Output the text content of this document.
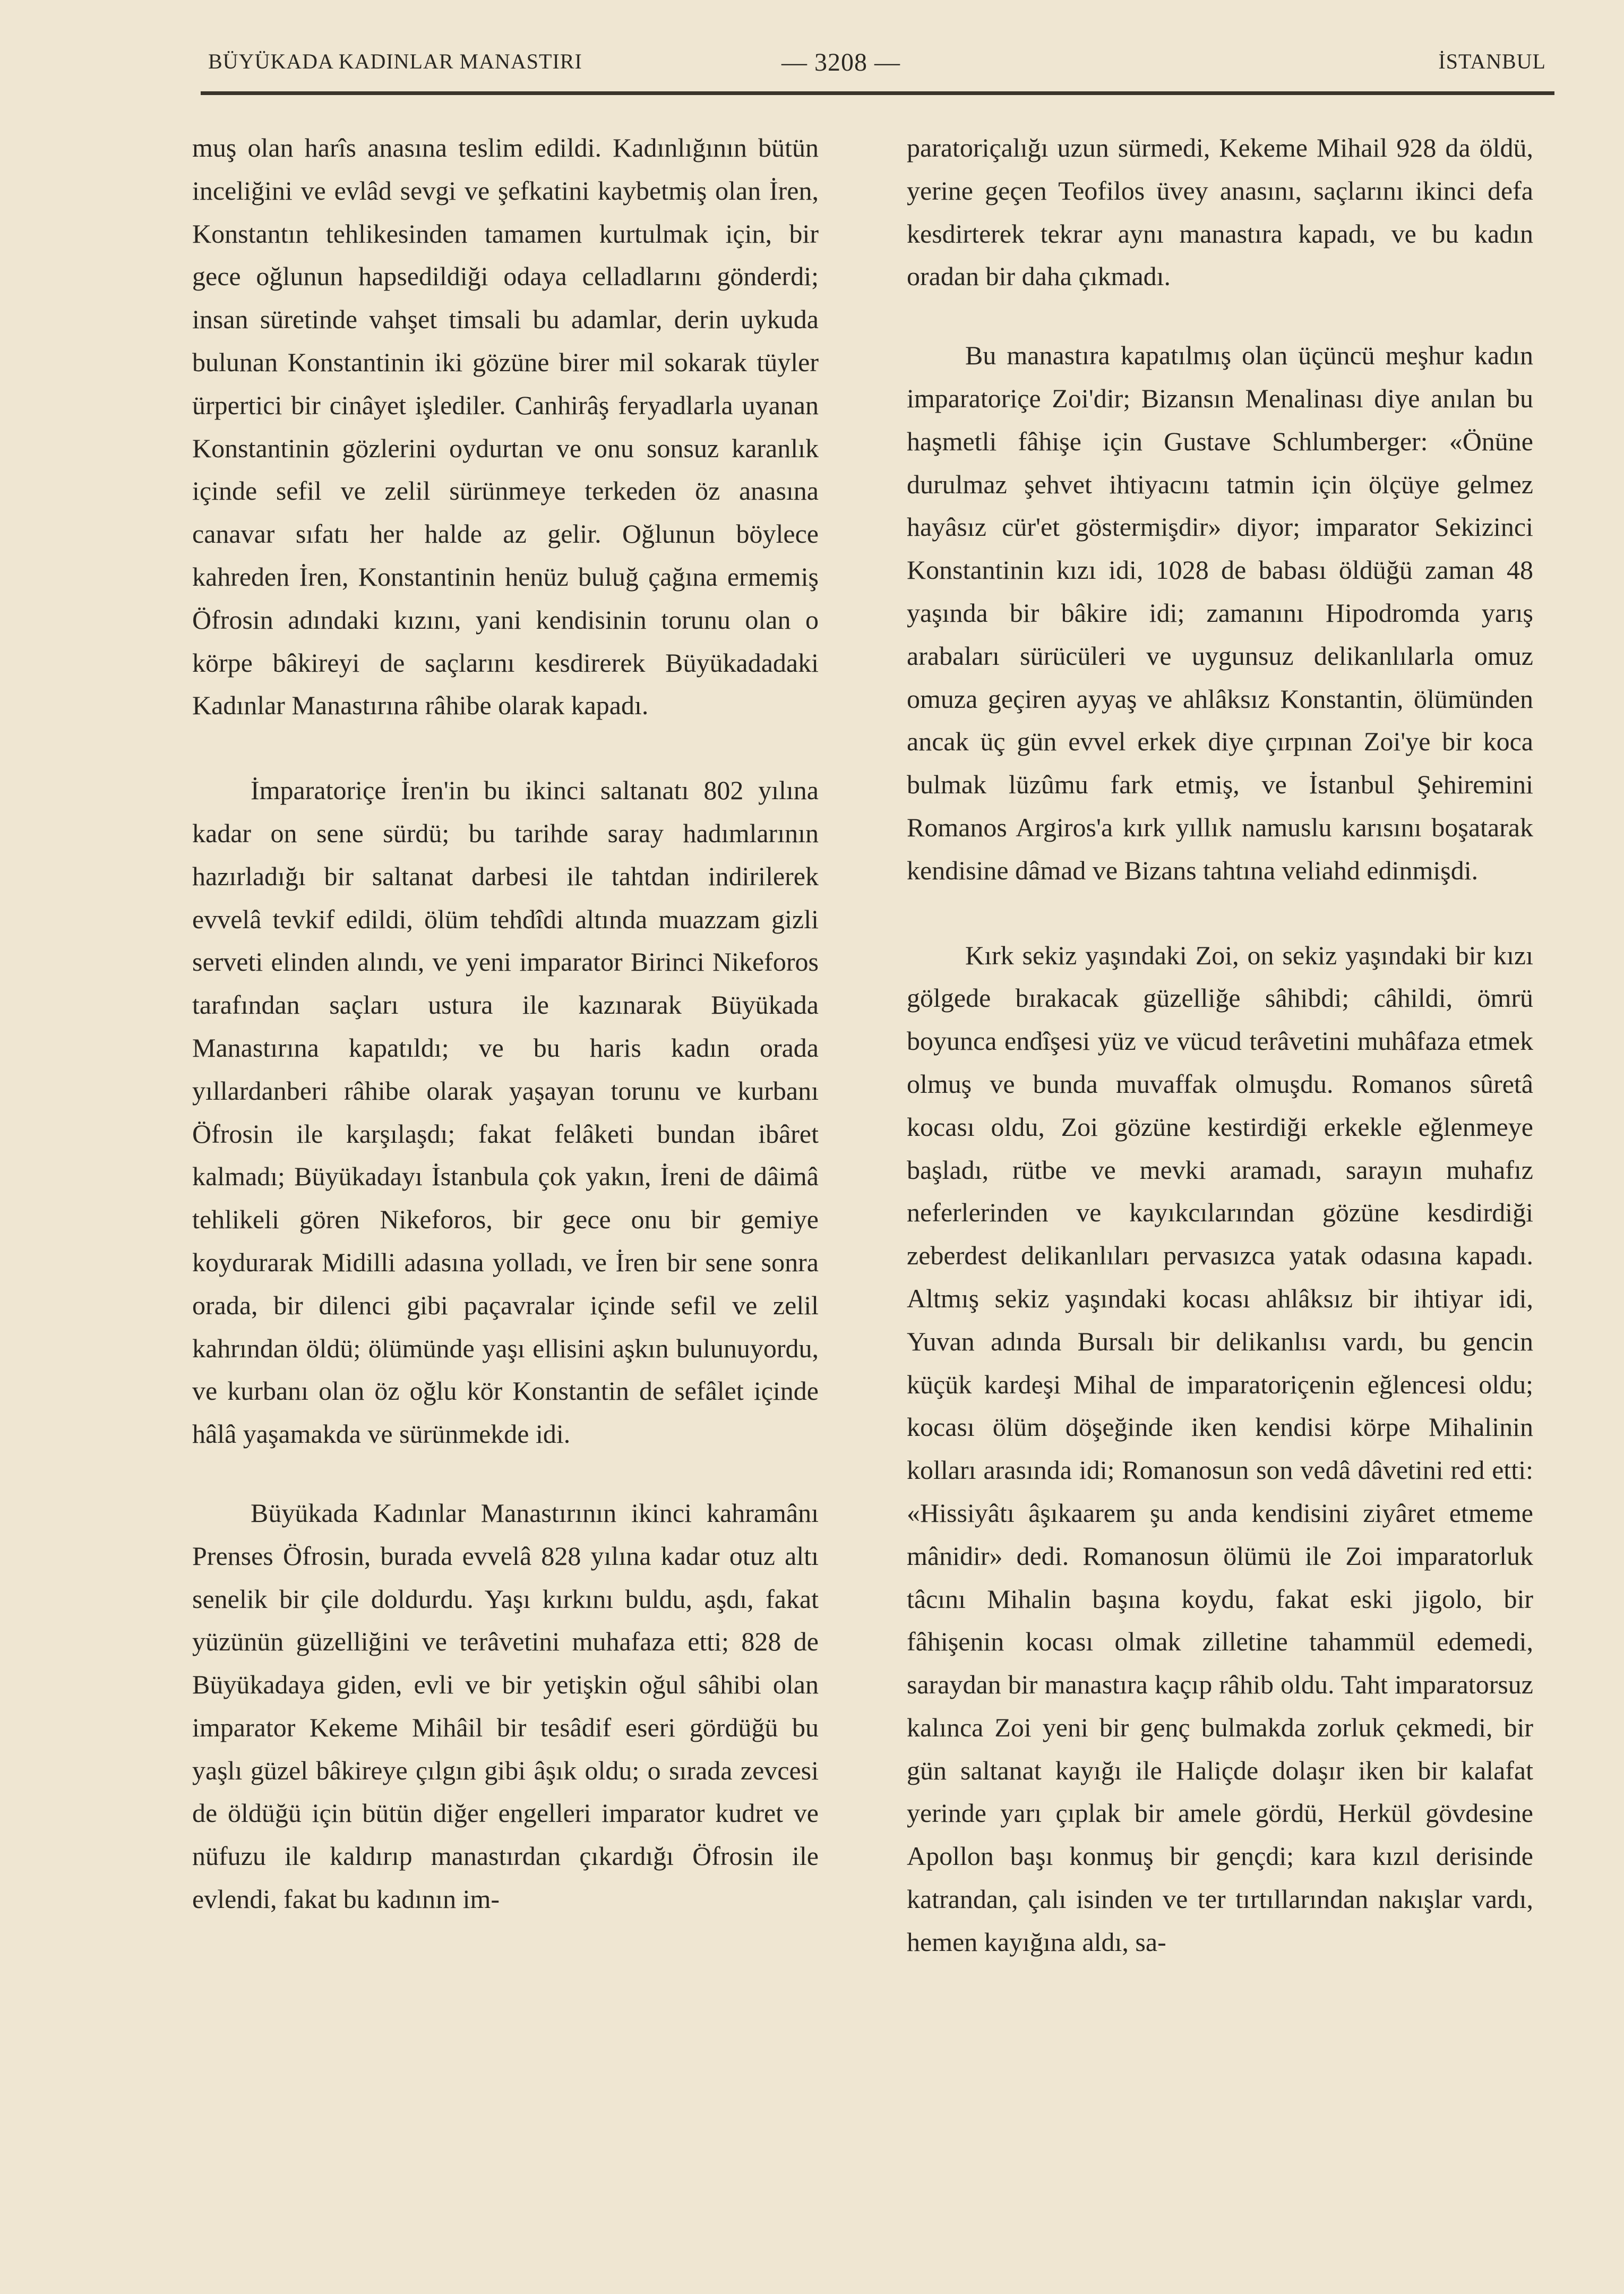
BÜYÜKADA KADINLAR MANASTIRI	— 3208 —	İSTANBUL

muş olan harîs anasına teslim edildi. Kadınlığının bütün inceliğini ve evlâd sevgi ve şefkatini kaybetmiş olan İren, Konstantın tehlikesinden tamamen kurtulmak için, bir gece oğlunun hapsedildiği odaya celladlarını gönderdi; insan süretinde vahşet timsali bu adamlar, derin uykuda bulunan Konstantinin iki gözüne birer mil sokarak tüyler ürpertici bir cinâyet işlediler. Canhirâş feryadlarla uyanan Konstantinin gözlerini oydurtan ve onu sonsuz karanlık içinde sefil ve zelil sürünmeye terkeden öz anasına canavar sıfatı her halde az gelir. Oğlunun böylece kahreden İren, Konstantinin henüz buluğ çağına ermemiş Öfrosin adındaki kızını, yani kendisinin torunu olan o körpe bâkireyi de saçlarını kesdirerek Büyükadadaki Kadınlar Manastırına râhibe olarak kapadı.

İmparatoriçe İren'in bu ikinci saltanatı 802 yılına kadar on sene sürdü; bu tarihde saray hadımlarının hazırladığı bir saltanat darbesi ile tahtdan indirilerek evvelâ tevkif edildi, ölüm tehdîdi altında muazzam gizli serveti elinden alındı, ve yeni imparator Birinci Nikeforos tarafından saçları ustura ile kazınarak Büyükada Manastırına kapatıldı; ve bu haris kadın orada yıllardanberi râhibe olarak yaşayan torunu ve kurbanı Öfrosin ile karşılaşdı; fakat felâketi bundan ibâret kalmadı; Büyükadayı İstanbula çok yakın, İreni de dâimâ tehlikeli gören Nikeforos, bir gece onu bir gemiye koydurarak Midilli adasına yolladı, ve İren bir sene sonra orada, bir dilenci gibi paçavralar içinde sefil ve zelil kahrından öldü; ölümünde yaşı ellisini aşkın bulunuyordu, ve kurbanı olan öz oğlu kör Konstantin de sefâlet içinde hâlâ yaşamakda ve sürünmekde idi.

Büyükada Kadınlar Manastırının ikinci kahramânı Prenses Öfrosin, burada evvelâ 828 yılına kadar otuz altı senelik bir çile doldurdu. Yaşı kırkını buldu, aşdı, fakat yüzünün güzelliğini ve terâvetini muhafaza etti; 828 de Büyükadaya giden, evli ve bir yetişkin oğul sâhibi olan imparator Kekeme Mihâil bir tesâdif eseri gördüğü bu yaşlı güzel bâkireye çılgın gibi âşık oldu; o sırada zevcesi de öldüğü için bütün diğer engelleri imparator kudret ve nüfuzu ile kaldırıp manastırdan çıkardığı Öfrosin ile evlendi, fakat bu kadının im-

paratoriçalığı uzun sürmedi, Kekeme Mihail 928 da öldü, yerine geçen Teofilos üvey anasını, saçlarını ikinci defa kesdirterek tekrar aynı manastıra kapadı, ve bu kadın oradan bir daha çıkmadı.

Bu manastıra kapatılmış olan üçüncü meşhur kadın imparatoriçe Zoi'dir; Bizansın Menalinası diye anılan bu haşmetli fâhişe için Gustave Schlumberger: «Önüne durulmaz şehvet ihtiyacını tatmin için ölçüye gelmez hayâsız cür'et göstermişdir» diyor; imparator Sekizinci Konstantinin kızı idi, 1028 de babası öldüğü zaman 48 yaşında bir bâkire idi; zamanını Hipodromda yarış arabaları sürücüleri ve uygunsuz delikanlılarla omuz omuza geçiren ayyaş ve ahlâksız Konstantin, ölümünden ancak üç gün evvel erkek diye çırpınan Zoi'ye bir koca bulmak lüzûmu fark etmiş, ve İstanbul Şehiremini Romanos Argiros'a kırk yıllık namuslu karısını boşatarak kendisine dâmad ve Bizans tahtına veliahd edinmişdi.

Kırk sekiz yaşındaki Zoi, on sekiz yaşındaki bir kızı gölgede bırakacak güzelliğe sâhibdi; câhildi, ömrü boyunca endîşesi yüz ve vücud terâvetini muhâfaza etmek olmuş ve bunda muvaffak olmuşdu. Romanos sûretâ kocası oldu, Zoi gözüne kestirdiği erkekle eğlenmeye başladı, rütbe ve mevki aramadı, sarayın muhafız neferlerinden ve kayıkcılarından gözüne kesdirdiği zeberdest delikanlıları pervasızca yatak odasına kapadı. Altmış sekiz yaşındaki kocası ahlâksız bir ihtiyar idi, Yuvan adında Bursalı bir delikanlısı vardı, bu gencin küçük kardeşi Mihal de imparatoriçenin eğlencesi oldu; kocası ölüm döşeğinde iken kendisi körpe Mihalinin kolları arasında idi; Romanosun son vedâ dâvetini red etti: «Hissiyâtı âşıkaarem şu anda kendisini ziyâret etmeme mânidir» dedi. Romanosun ölümü ile Zoi imparatorluk tâcını Mihalin başına koydu, fakat eski jigolo, bir fâhişenin kocası olmak zilletine tahammül edemedi, saraydan bir manastıra kaçıp râhib oldu. Taht imparatorsuz kalınca Zoi yeni bir genç bulmakda zorluk çekmedi, bir gün saltanat kayığı ile Haliçde dolaşır iken bir kalafat yerinde yarı çıplak bir amele gördü, Herkül gövdesine Apollon başı konmuş bir gençdi; kara kızıl derisinde katrandan, çalı isinden ve ter tırtıllarından nakışlar vardı, hemen kayığına aldı, sa-
